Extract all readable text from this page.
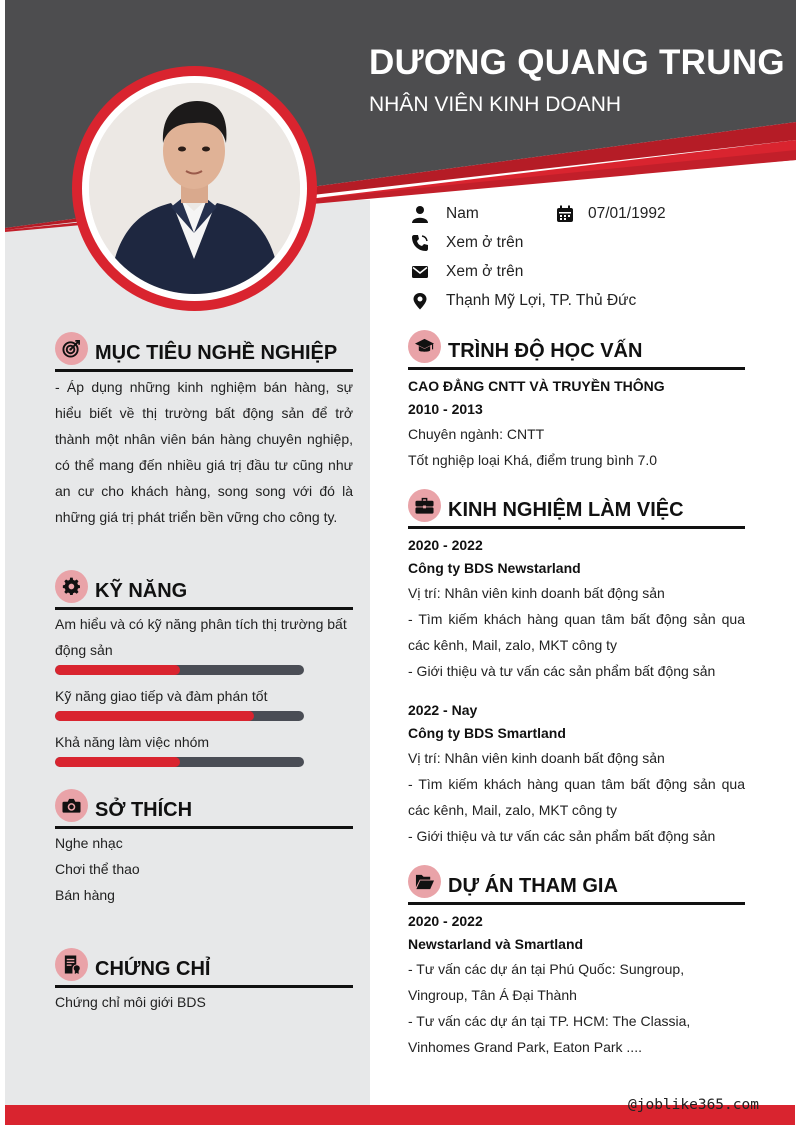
DƯƠNG QUANG TRUNG
NHÂN VIÊN KINH DOANH
Nam	07/01/1992
Xem ở trên
Xem ở trên
Thạnh Mỹ Lợi, TP. Thủ Đức
MỤC TIÊU NGHỀ NGHIỆP
- Áp dụng những kinh nghiệm bán hàng, sự hiểu biết về thị trường bất động sản để trở thành một nhân viên bán hàng chuyên nghiệp, có thể mang đến nhiều giá trị đầu tư cũng như an cư cho khách hàng, song song với đó là những giá trị phát triển bền vững cho công ty.
KỸ NĂNG
Am hiểu và có kỹ năng phân tích thị trường bất động sản
Kỹ năng giao tiếp và đàm phán tốt
Khả năng làm việc nhóm
SỞ THÍCH
Nghe nhạc
Chơi thể thao
Bán hàng
CHỨNG CHỈ
Chứng chỉ môi giới BDS
TRÌNH ĐỘ HỌC VẤN
CAO ĐẲNG CNTT VÀ TRUYỀN THÔNG
2010 - 2013
Chuyên ngành: CNTT
Tốt nghiệp loại Khá, điểm trung bình 7.0
KINH NGHIỆM LÀM VIỆC
2020 - 2022
Công ty BDS Newstarland
Vị trí: Nhân viên kinh doanh bất động sản
- Tìm kiếm khách hàng quan tâm bất động sản qua các kênh, Mail, zalo, MKT công ty
- Giới thiệu và tư vấn các sản phẩm bất động sản
2022 - Nay
Công ty BDS Smartland
Vị trí: Nhân viên kinh doanh bất động sản
- Tìm kiếm khách hàng quan tâm bất động sản qua các kênh, Mail, zalo, MKT công ty
- Giới thiệu và tư vấn các sản phẩm bất động sản
DỰ ÁN THAM GIA
2020 - 2022
Newstarland và Smartland
- Tư vấn các dự án tại Phú Quốc: Sungroup, Vingroup, Tân Á Đại Thành
- Tư vấn các dự án tại TP. HCM: The Classia, Vinhomes Grand Park, Eaton Park ....
@joblike365.com
